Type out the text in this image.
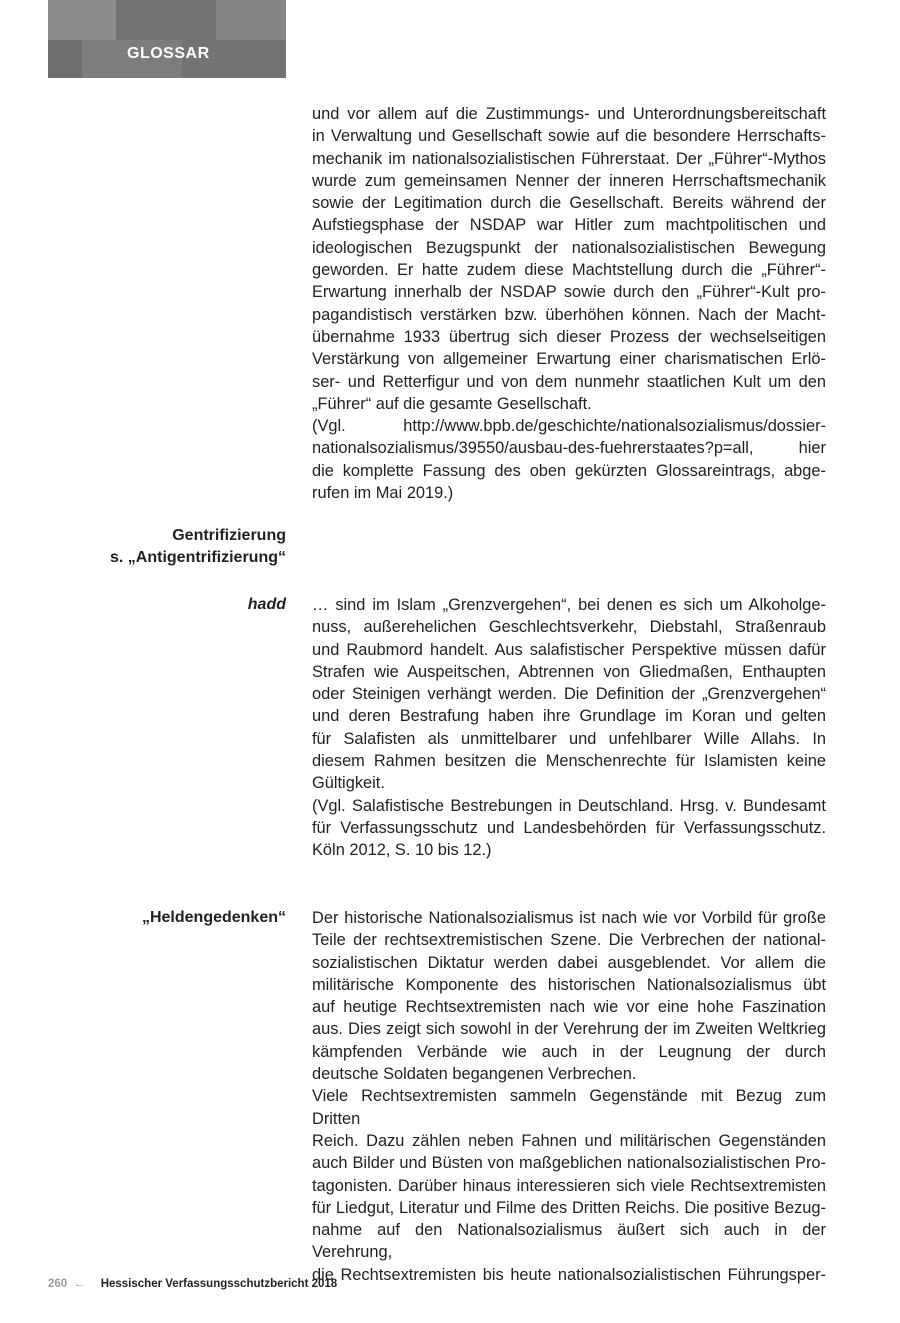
GLOSSAR
und vor allem auf die Zustimmungs- und Unterordnungsbereitschaft
in Verwaltung und Gesellschaft sowie auf die besondere Herrschafts-
mechanik im nationalsozialistischen Führerstaat. Der „Führer“-Mythos
wurde zum gemeinsamen Nenner der inneren Herrschaftsmechanik
sowie der Legitimation durch die Gesellschaft. Bereits während der
Aufstiegsphase der NSDAP war Hitler zum machtpolitischen und
ideologischen Bezugspunkt der nationalsozialistischen Bewegung
geworden. Er hatte zudem diese Machtstellung durch die „Führer“-
Erwartung innerhalb der NSDAP sowie durch den „Führer“-Kult pro-
pagandistisch verstärken bzw. überhöhen können. Nach der Macht-
übernahme 1933 übertrug sich dieser Prozess der wechselseitigen
Verstärkung von allgemeiner Erwartung einer charismatischen Erlö-
ser- und Retterfigur und von dem nunmehr staatlichen Kult um den
„Führer“ auf die gesamte Gesellschaft.
(Vgl. http://www.bpb.de/geschichte/nationalsozialismus/dossier-
nationalsozialismus/39550/ausbau-des-fuehrerstaates?p=all, hier
die komplette Fassung des oben gekürzten Glossareintrags, abge-
rufen im Mai 2019.)
Gentrifizierung
s. „Antigentrifizierung“
hadd … sind im Islam „Grenzvergehen“, bei denen es sich um Alkoholge-
nuss, außerehelichen Geschlechtsverkehr, Diebstahl, Straßenraub
und Raubmord handelt. Aus salafistischer Perspektive müssen dafür
Strafen wie Auspeitschen, Abtrennen von Gliedmaßen, Enthaupten
oder Steinigen verhängt werden. Die Definition der „Grenzvergehen“
und deren Bestrafung haben ihre Grundlage im Koran und gelten
für Salafisten als unmittelbarer und unfehlbarer Wille Allahs. In
diesem Rahmen besitzen die Menschenrechte für Islamisten keine
Gültigkeit.
(Vgl. Salafistische Bestrebungen in Deutschland. Hrsg. v. Bundesamt
für Verfassungsschutz und Landesbehörden für Verfassungsschutz.
Köln 2012, S. 10 bis 12.)
„Heldengedenken“ Der historische Nationalsozialismus ist nach wie vor Vorbild für große
Teile der rechtsextremistischen Szene. Die Verbrechen der national-
sozialistischen Diktatur werden dabei ausgeblendet. Vor allem die
militärische Komponente des historischen Nationalsozialismus übt
auf heutige Rechtsextremisten nach wie vor eine hohe Faszination
aus. Dies zeigt sich sowohl in der Verehrung der im Zweiten Weltkrieg
kämpfenden Verbände wie auch in der Leugnung der durch
deutsche Soldaten begangenen Verbrechen.
Viele Rechtsextremisten sammeln Gegenstände mit Bezug zum Dritten
Reich. Dazu zählen neben Fahnen und militärischen Gegenständen
auch Bilder und Büsten von maßgeblichen nationalsozialistischen Pro-
tagonisten. Darüber hinaus interessieren sich viele Rechtsextremisten
für Liedgut, Literatur und Filme des Dritten Reichs. Die positive Bezug-
nahme auf den Nationalsozialismus äußert sich auch in der Verehrung,
die Rechtsextremisten bis heute nationalsozialistischen Führungsper-
260 ← Hessischer Verfassungsschutzbericht 2018
